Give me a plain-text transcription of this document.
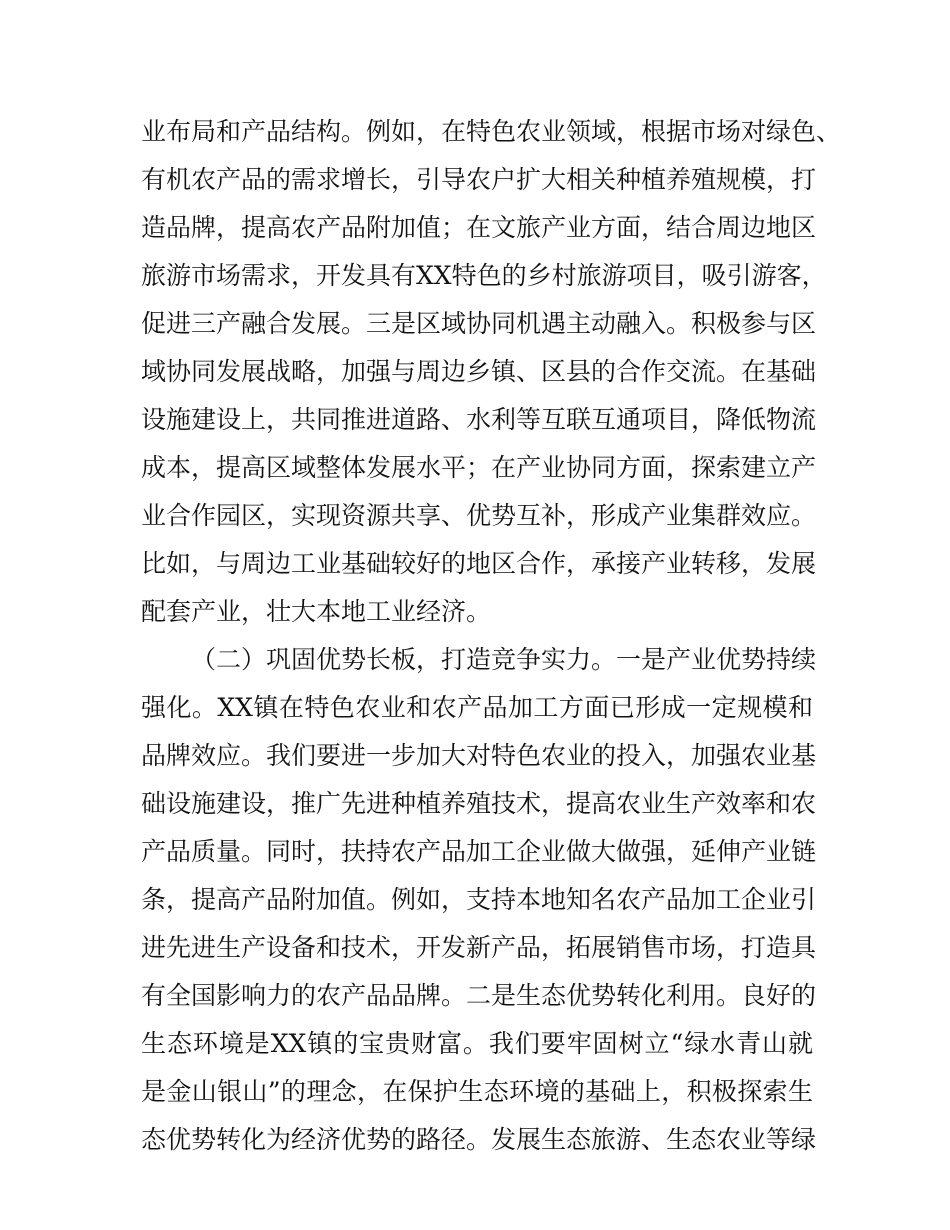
业布局和产品结构。例如，在特色农业领域，根据市场对绿色、
有机农产品的需求增长，引导农户扩大相关种植养殖规模，打
造品牌，提高农产品附加值；在文旅产业方面，结合周边地区
旅游市场需求，开发具有XX特色的乡村旅游项目，吸引游客，
促进三产融合发展。三是区域协同机遇主动融入。积极参与区
域协同发展战略，加强与周边乡镇、区县的合作交流。在基础
设施建设上，共同推进道路、水利等互联互通项目，降低物流
成本，提高区域整体发展水平；在产业协同方面，探索建立产
业合作园区，实现资源共享、优势互补，形成产业集群效应。
比如，与周边工业基础较好的地区合作，承接产业转移，发展
配套产业，壮大本地工业经济。
（二）巩固优势长板，打造竞争实力。一是产业优势持续
强化。XX镇在特色农业和农产品加工方面已形成一定规模和
品牌效应。我们要进一步加大对特色农业的投入，加强农业基
础设施建设，推广先进种植养殖技术，提高农业生产效率和农
产品质量。同时，扶持农产品加工企业做大做强，延伸产业链
条，提高产品附加值。例如，支持本地知名农产品加工企业引
进先进生产设备和技术，开发新产品，拓展销售市场，打造具
有全国影响力的农产品品牌。二是生态优势转化利用。良好的
生态环境是XX镇的宝贵财富。我们要牢固树立“绿水青山就
是金山银山”的理念，在保护生态环境的基础上，积极探索生
态优势转化为经济优势的路径。发展生态旅游、生态农业等绿
